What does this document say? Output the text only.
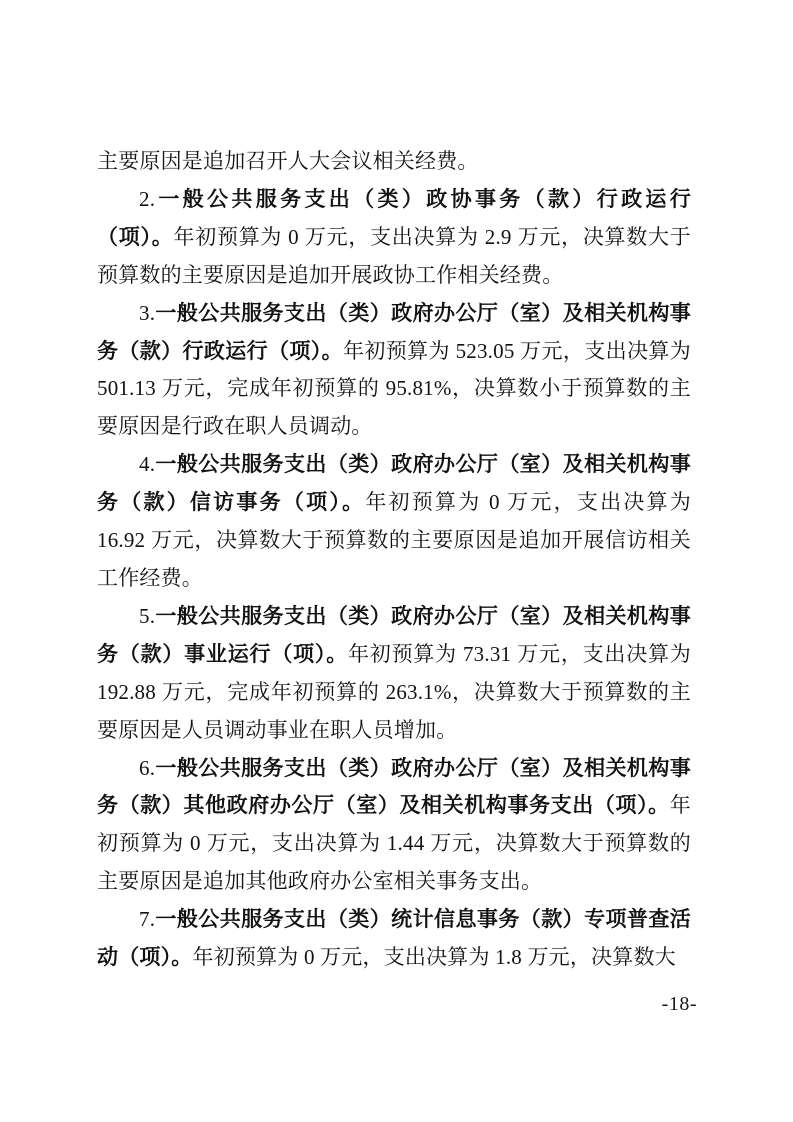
主要原因是追加召开人大会议相关经费。

2.一般公共服务支出（类）政协事务（款）行政运行（项）。年初预算为 0 万元，支出决算为 2.9 万元，决算数大于预算数的主要原因是追加开展政协工作相关经费。

3.一般公共服务支出（类）政府办公厅（室）及相关机构事务（款）行政运行（项）。年初预算为 523.05 万元，支出决算为 501.13 万元，完成年初预算的 95.81%，决算数小于预算数的主要原因是行政在职人员调动。

4.一般公共服务支出（类）政府办公厅（室）及相关机构事务（款）信访事务（项）。年初预算为 0 万元，支出决算为 16.92 万元，决算数大于预算数的主要原因是追加开展信访相关工作经费。

5.一般公共服务支出（类）政府办公厅（室）及相关机构事务（款）事业运行（项）。年初预算为 73.31 万元，支出决算为 192.88 万元，完成年初预算的 263.1%，决算数大于预算数的主要原因是人员调动事业在职人员增加。

6.一般公共服务支出（类）政府办公厅（室）及相关机构事务（款）其他政府办公厅（室）及相关机构事务支出（项）。年初预算为 0 万元，支出决算为 1.44 万元，决算数大于预算数的主要原因是追加其他政府办公室相关事务支出。

7.一般公共服务支出（类）统计信息事务（款）专项普查活动（项）。年初预算为 0 万元，支出决算为 1.8 万元，决算数大

-18-
